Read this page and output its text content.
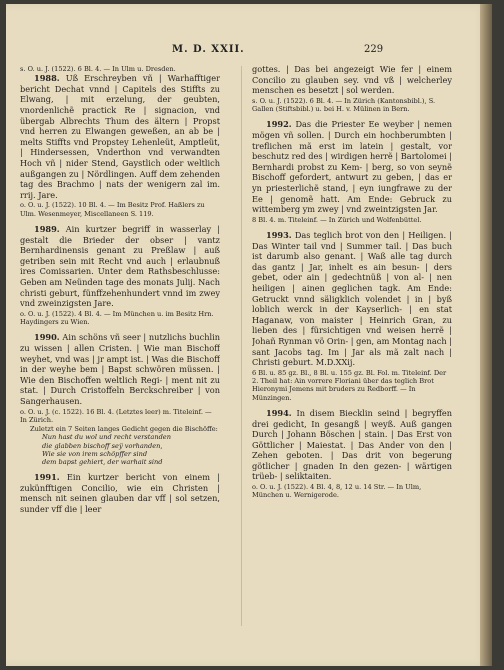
M. D. XXII.	229

s. O. u. J. (1522). 6 Bl. 4. — In Ulm u. Dresden.

1988. Uß Erschreyben vñ | Warhafftiger bericht Dechat vnnd | Capitels des Stiffts zu Elwang, | mit erzelung, der geubten, vnordenlichẽ practick Re | signacion, vnd übergab Albrechts Thum des ältern | Propst vnd herren zu Elwangen geweßen, an ab be | melts Stiffts vnd Propstey Lehenleüt, Amptleüt, | Hindersessen, Vnderthon vnd verwandten Hoch vñ | nider Stend, Gaystlich oder weltlich außgangen zu | Nördlingen. Auff dem zehenden tag des Brachmo | nats der wenigern zal im. rrij. Jare.

o. O. u. J. (1522). 10 Bl. 4. — Im Besitz Prof. Haßlers zu Ulm. Wesenmeyer, Miscellaneen S. 119.

1989. Ain kurtzer begriff in wasserlay | gestalt die Brieder der obser | vantz Bernhardinensis genant zu Preßlaw | auß getriben sein mit Recht vnd auch | erlaubnuß ires Comissarien. Unter dem Rathsbeschlusse: Geben am Neünden tage des monats Julij. Nach christi geburt, fünffzehenhundert vnnd im zwey vnd zweinzigsten Jare.

o. O. u. J. (1522). 4 Bl. 4. — Im München u. im Besitz Hrn. Haydingers zu Wien.

1990. Ain schöns vñ seer | nutzlichs buchlin zu wissen | allen Cristen. | Wie man Bischoff weyhet, vnd was | jr ampt ist. | Was die Bischoff in der weyhe bem | Bapst schwören müssen. | Wie den Bischoffen weltlich Regi- | ment nit zu stat. | Durch Cristoffeln Berckschreiber | von Sangerhausen.

o. O. u. J. (c. 1522). 16 Bl. 4. (Letztes leer) m. Titeleinf. — In Zürich.

Zuletzt ein 7 Seiten langes Gedicht gegen die Bischöffe:

Nun hast du wol und recht verstanden

die glabben bischoff seÿ vorhanden,

Wie sie von irem schöpffer sind

dem bapst gehiert, der warhait sind

1991. Ein kurtzer bericht von einem | zukünfftigen Concilio, wie ein Christen | mensch nit seinen glauben dar vff | sol setzen, sunder vff die | leer

gottes. | Das bei angezeigt Wie fer | einem Concilio zu glauben sey. vnd vß | welcherley menschen es besetzt | sol werden.

s. O. u. J. (1522). 6 Bl. 4. — In Zürich (Kantonsbibl.), S. Gallen (Stiftsbibl.) u. bei H. v. Mülinen in Bern.

1992. Das die Priester Ee weyber | nemen mögen vñ sollen. | Durch ein hochberumbten | treflichen mã erst im latein | gestalt, vor beschutz red des | wirdigen herrẽ | Bartolomei | Bernhardi probst zu Kem- | berg, so von seynẽ Bischoff gefordert, antwurt zu geben, | das er yn priesterlichẽ stand, | eyn iungfrawe zu der Ee | genomẽ hatt. Am Ende: Gebruck zu wittemberg ym zwey | vnd zweintzigsten Jar.

8 Bl. 4. m. Titeleinf. — In Zürich und Wolfenbüttel.

1993. Das teglich brot von den | Heiligen. | Das Winter tail vnd | Summer tail. | Das buch ist darumb also genant. | Waß alle tag durch das gantz | Jar, inhelt es ain besun- | ders gebet, oder ain | gedechtnüß | von al- | nen heiligen | ainen geglichen tagk. Am Ende: Getruckt vnnd säligklich volendet | in | byß loblich werck in der Kayserlich- | en stat Haganaw, von maister | Heinrich Gran, zu lieben des | fürsichtigen vnd weisen herrẽ | Johañ Rynman vö Orin- | gen, am Montag nach | sant Jacobs tag. Im | Jar als mã zalt nach | Christi geburt. M.D.XXij.

6 Bl. u. 85 gz. Bl., 8 Bl. u. 155 gz. Bl. Fol. m. Titeleinf. Der 2. Theil hat: Ain vorrere Floriani über das teglich Brot Hieronymi Jemens mit bruders zu Redborff. — In Münzingen.

1994. In disem Biecklin seind | begryffen drei gedicht, In gesangß | weyß. Auß gangen Durch | Johann Böschen | stain. | Das Erst von Göttlicher | Maiestat. | Das Ander von den | Zehen geboten. | Das drit von begerung götlicher | gnaden In den gezen- | wärtigen trüeb- | seliktaiten.

o. O. u. J. (1522). 4 Bl. 4, 8, 12 u. 14 Str. — In Ulm, München u. Wernigerode.
